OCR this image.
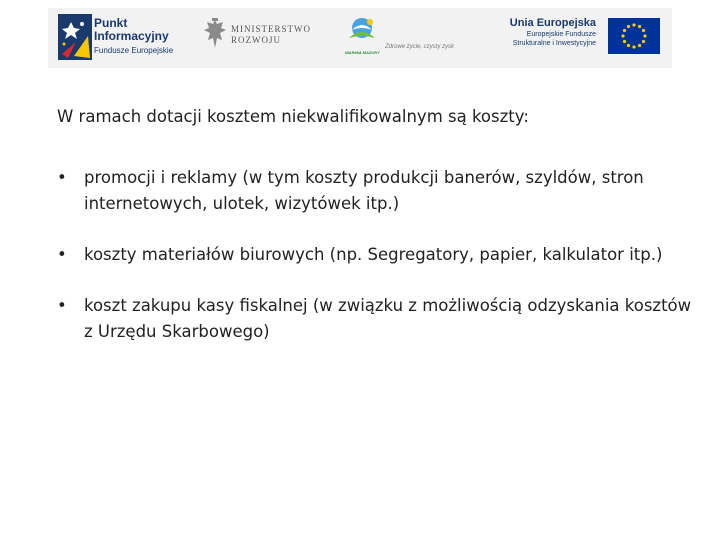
Punkt
Informacyjny
Fundusze Europejskie
MINISTERSTWO
ROZWOJU
WARMIA MAZURY
Zdrowe życie, czysty zysk
Unia Europejska
Europejskie Fundusze
Strukturalne i Inwestycyjne
W ramach dotacji kosztem niekwalifikowalnym są koszty:
• promocji i reklamy (w tym koszty produkcji banerów, szyldów, stron internetowych, ulotek, wizytówek itp.)
• koszty materiałów biurowych (np. Segregatory, papier, kalkulator itp.)
• koszt zakupu kasy fiskalnej (w związku z możliwością odzyskania kosztów z Urzędu Skarbowego)
